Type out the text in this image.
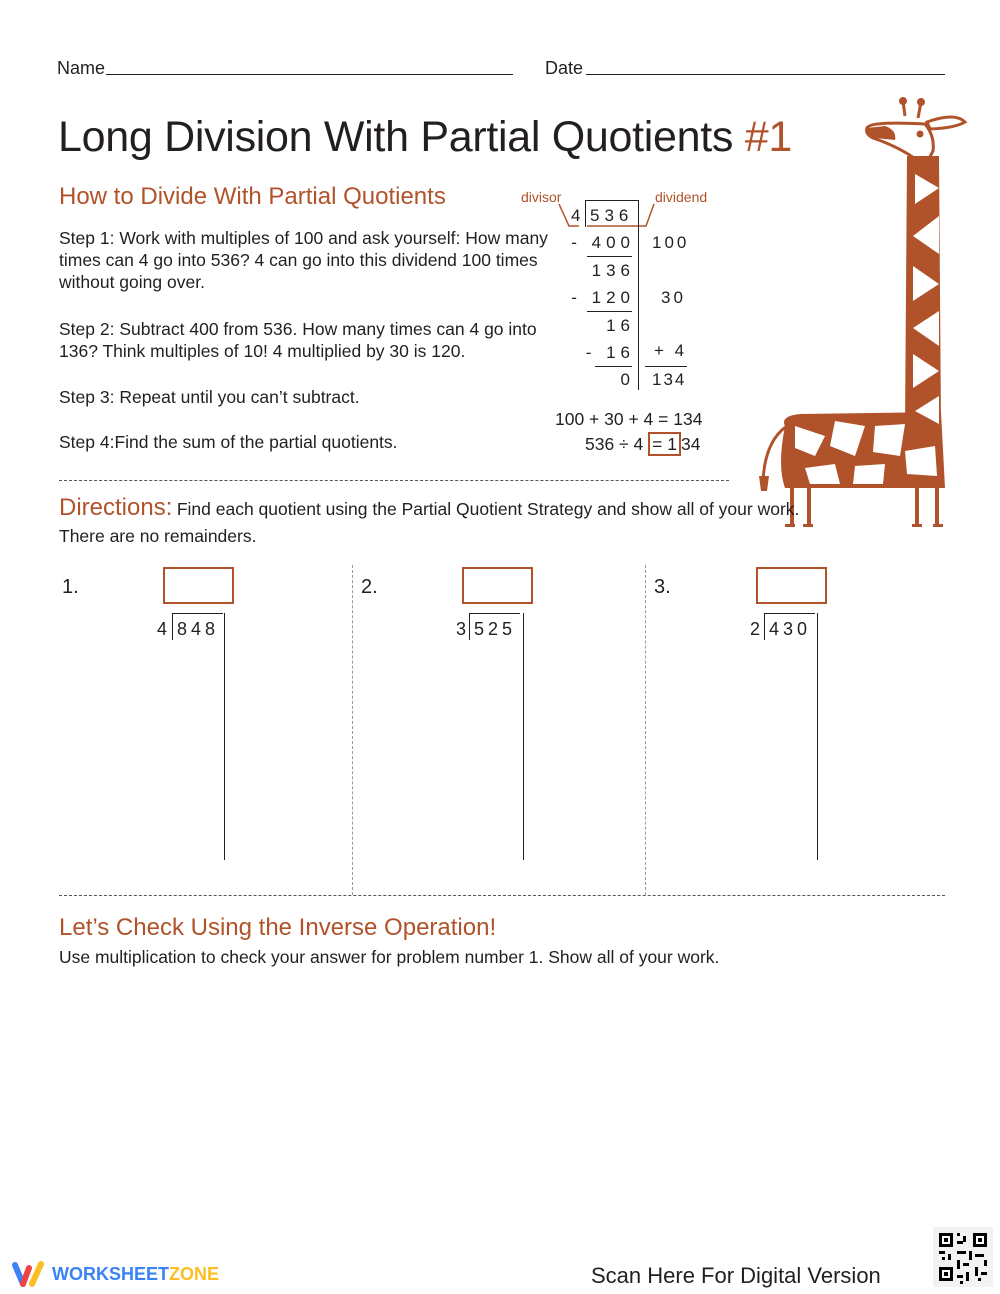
Name	Date
Long Division With Partial Quotients #1
How to Divide With Partial Quotients
Step 1: Work with multiples of 100 and ask yourself: How many times can 4 go into 536? 4 can go into this dividend 100 times without going over.
Step 2: Subtract 400 from 536. How many times can 4 go into 136? Think multiples of 10! 4 multiplied by 30 is 120.
Step 3: Repeat until you can’t subtract.
Step 4:Find the sum of the partial quotients.
divisor	dividend
4 536
- 400 100
136
- 120 30
16
- 16 + 4
0 134
100 + 30 + 4 = 134
536 ÷ 4 = 1 34
Directions: Find each quotient using the Partial Quotient Strategy and show all of your work.
There are no remainders.
1.
4 848
2.
3 525
3.
2 430
Let’s Check Using the Inverse Operation!
Use multiplication to check your answer for problem number 1. Show all of your work.
WORKSHEET ZONE	Scan Here For Digital Version
